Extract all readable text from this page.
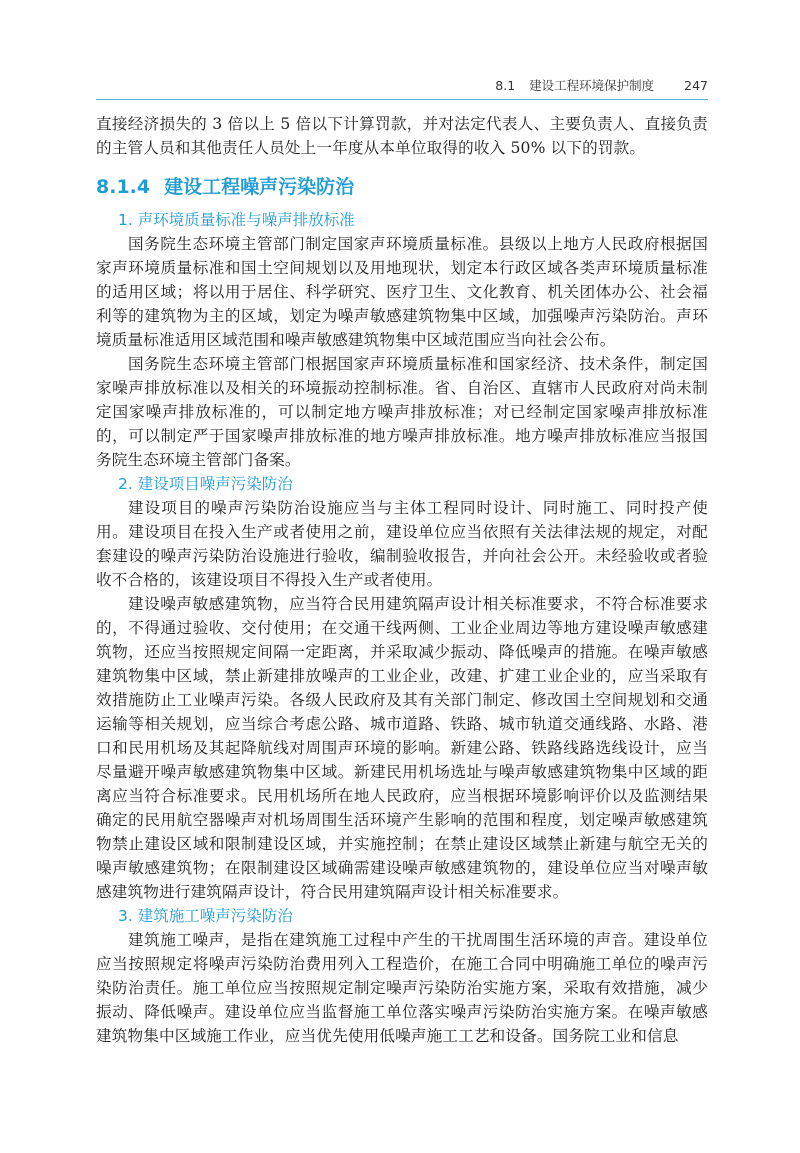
8.1 建设工程环境保护制度 247

直接经济损失的 3 倍以上 5 倍以下计算罚款，并对法定代表人、主要负责人、直接负责的主管人员和其他责任人员处上一年度从本单位取得的收入 50% 以下的罚款。

8.1.4 建设工程噪声污染防治
1. 声环境质量标准与噪声排放标准

国务院生态环境主管部门制定国家声环境质量标准。县级以上地方人民政府根据国家声环境质量标准和国土空间规划以及用地现状，划定本行政区域各类声环境质量标准的适用区域；将以用于居住、科学研究、医疗卫生、文化教育、机关团体办公、社会福利等的建筑物为主的区域，划定为噪声敏感建筑物集中区域，加强噪声污染防治。声环境质量标准适用区域范围和噪声敏感建筑物集中区域范围应当向社会公布。

国务院生态环境主管部门根据国家声环境质量标准和国家经济、技术条件，制定国家噪声排放标准以及相关的环境振动控制标准。省、自治区、直辖市人民政府对尚未制定国家噪声排放标准的，可以制定地方噪声排放标准；对已经制定国家噪声排放标准的，可以制定严于国家噪声排放标准的地方噪声排放标准。地方噪声排放标准应当报国务院生态环境主管部门备案。

2. 建设项目噪声污染防治

建设项目的噪声污染防治设施应当与主体工程同时设计、同时施工、同时投产使用。建设项目在投入生产或者使用之前，建设单位应当依照有关法律法规的规定，对配套建设的噪声污染防治设施进行验收，编制验收报告，并向社会公开。未经验收或者验收不合格的，该建设项目不得投入生产或者使用。

建设噪声敏感建筑物，应当符合民用建筑隔声设计相关标准要求，不符合标准要求的，不得通过验收、交付使用；在交通干线两侧、工业企业周边等地方建设噪声敏感建筑物，还应当按照规定间隔一定距离，并采取减少振动、降低噪声的措施。在噪声敏感建筑物集中区域，禁止新建排放噪声的工业企业，改建、扩建工业企业的，应当采取有效措施防止工业噪声污染。各级人民政府及其有关部门制定、修改国土空间规划和交通运输等相关规划，应当综合考虑公路、城市道路、铁路、城市轨道交通线路、水路、港口和民用机场及其起降航线对周围声环境的影响。新建公路、铁路线路选线设计，应当尽量避开噪声敏感建筑物集中区域。新建民用机场选址与噪声敏感建筑物集中区域的距离应当符合标准要求。民用机场所在地人民政府，应当根据环境影响评价以及监测结果确定的民用航空器噪声对机场周围生活环境产生影响的范围和程度，划定噪声敏感建筑物禁止建设区域和限制建设区域，并实施控制；在禁止建设区域禁止新建与航空无关的噪声敏感建筑物；在限制建设区域确需建设噪声敏感建筑物的，建设单位应当对噪声敏感建筑物进行建筑隔声设计，符合民用建筑隔声设计相关标准要求。

3. 建筑施工噪声污染防治

建筑施工噪声，是指在建筑施工过程中产生的干扰周围生活环境的声音。建设单位应当按照规定将噪声污染防治费用列入工程造价，在施工合同中明确施工单位的噪声污染防治责任。施工单位应当按照规定制定噪声污染防治实施方案，采取有效措施，减少振动、降低噪声。建设单位应当监督施工单位落实噪声污染防治实施方案。在噪声敏感建筑物集中区域施工作业，应当优先使用低噪声施工工艺和设备。国务院工业和信息
